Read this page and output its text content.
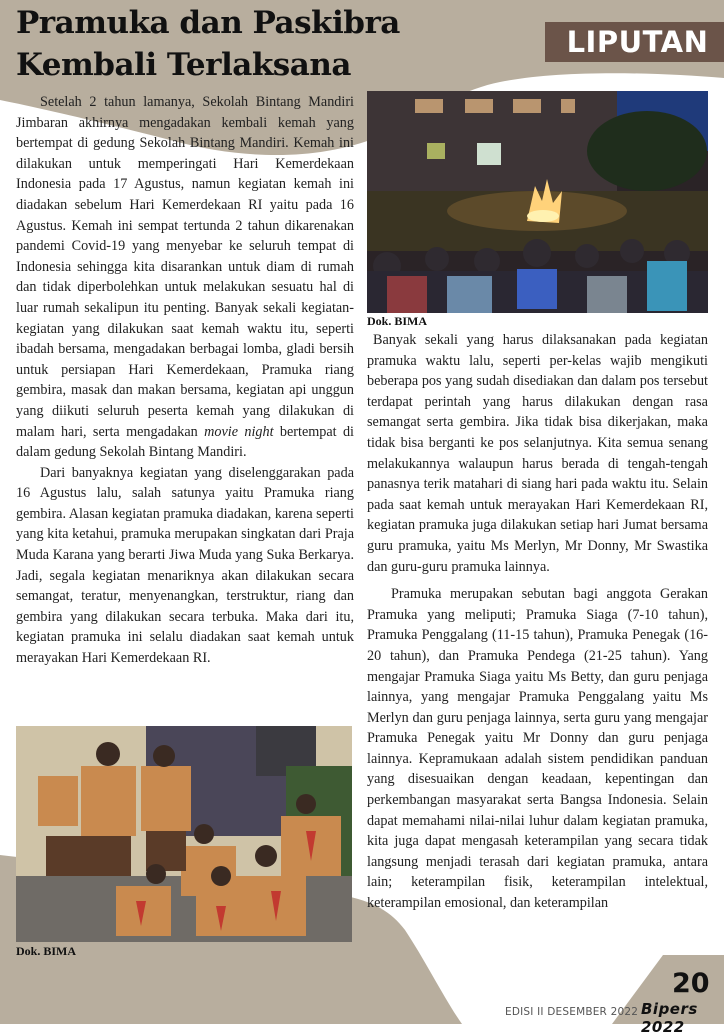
Pramuka dan Paskibra
Kembali Terlaksana
LIPUTAN

Setelah 2 tahun lamanya, Sekolah Bintang Mandiri Jimbaran akhirnya mengadakan kembali kemah yang bertempat di gedung Sekolah Bintang Mandiri. Kemah ini dilakukan untuk memperingati Hari Kemerdekaan Indonesia pada 17 Agustus, namun kegiatan kemah ini diadakan sebelum Hari Kemerdekaan RI yaitu pada 16 Agustus. Kemah ini sempat tertunda 2 tahun dikarenakan pandemi Covid-19 yang menyebar ke seluruh tempat di Indonesia sehingga kita disarankan untuk diam di rumah dan tidak diperbolehkan untuk melakukan sesuatu hal di luar rumah sekalipun itu penting. Banyak sekali kegiatan-kegiatan yang dilakukan saat kemah waktu itu, seperti ibadah bersama, mengadakan berbagai lomba, gladi bersih untuk persiapan Hari Kemerdekaan, Pramuka riang gembira, masak dan makan bersama, kegiatan api unggun yang diikuti seluruh peserta kemah yang dilakukan di malam hari, serta mengadakan movie night bertempat di dalam gedung Sekolah Bintang Mandiri.

Dari banyaknya kegiatan yang diselenggarakan pada 16 Agustus lalu, salah satunya yaitu Pramuka riang gembira. Alasan kegiatan pramuka diadakan, karena seperti yang kita ketahui, pramuka merupakan singkatan dari Praja Muda Karana yang berarti Jiwa Muda yang Suka Berkarya. Jadi, segala kegiatan menariknya akan dilakukan secara semangat, teratur, menyenangkan, terstruktur, riang dan gembira yang dilakukan secara terbuka. Maka dari itu, kegiatan pramuka ini selalu diadakan saat kemah untuk merayakan Hari Kemerdekaan RI.

Dok. BIMA

Banyak sekali yang harus dilaksanakan pada kegiatan pramuka waktu lalu, seperti per-kelas wajib mengikuti beberapa pos yang sudah disediakan dan dalam pos tersebut terdapat perintah yang harus dilakukan dengan rasa semangat serta gembira. Jika tidak bisa dikerjakan, maka tidak bisa berganti ke pos selanjutnya. Kita semua senang melakukannya walaupun harus berada di tengah-tengah panasnya terik matahari di siang hari pada waktu itu. Selain pada saat kemah untuk merayakan Hari Kemerdekaan RI, kegiatan pramuka juga dilakukan setiap hari Jumat bersama guru pramuka, yaitu Ms Merlyn, Mr Donny, Mr Swastika dan guru-guru pramuka lainnya.

Pramuka merupakan sebutan bagi anggota Gerakan Pramuka yang meliputi; Pramuka Siaga (7-10 tahun), Pramuka Penggalang (11-15 tahun), Pramuka Penegak (16-20 tahun), dan Pramuka Pendega (21-25 tahun). Yang mengajar Pramuka Siaga yaitu Ms Betty, dan guru penjaga lainnya, yang mengajar Pramuka Penggalang yaitu Ms Merlyn dan guru penjaga lainnya, serta guru yang mengajar Pramuka Penegak yaitu Mr Donny dan guru penjaga lainnya. Kepramukaan adalah sistem pendidikan panduan yang disesuaikan dengan keadaan, kepentingan dan perkembangan masyarakat serta Bangsa Indonesia. Selain dapat memahami nilai-nilai luhur dalam kegiatan pramuka, kita juga dapat mengasah keterampilan yang secara tidak langsung menjadi terasah dari kegiatan pramuka, antara lain; keterampilan fisik, keterampilan intelektual, keterampilan emosional, dan keterampilan

Dok. BIMA
EDISI II DESEMBER 2022
20
Bipers 2022
